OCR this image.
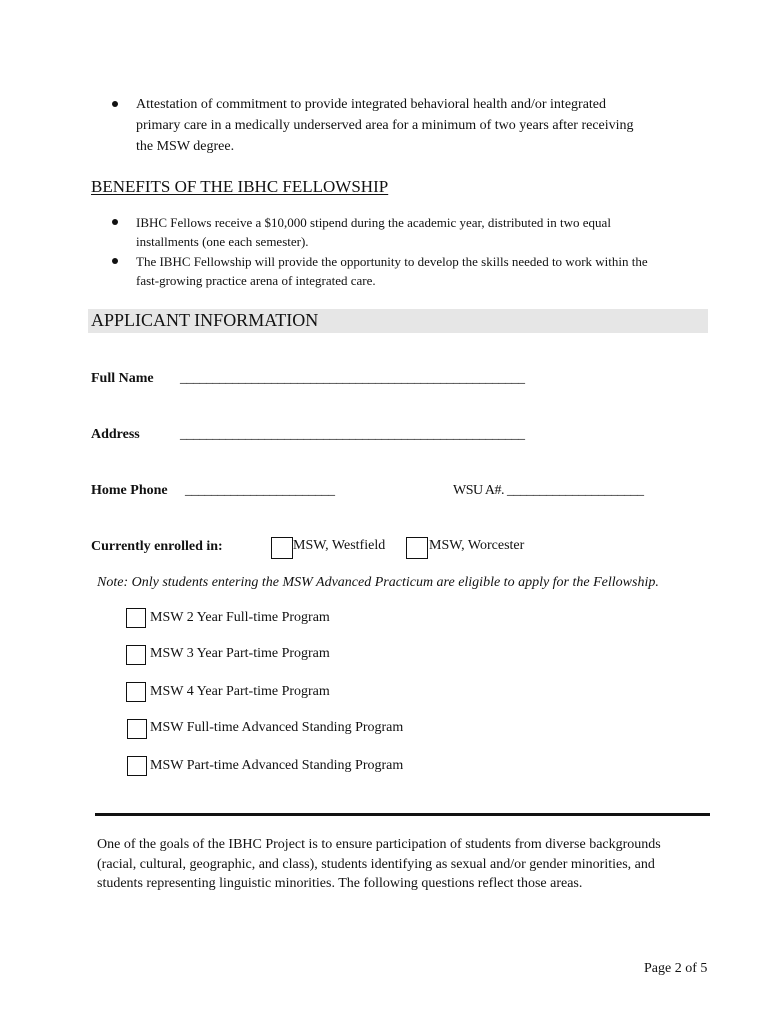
Attestation of commitment to provide integrated behavioral health and/or integrated
primary care in a medically underserved area for a minimum of two years after receiving
the MSW degree.
BENEFITS OF THE IBHC FELLOWSHIP
IBHC Fellows receive a $10,000 stipend during the academic year, distributed in two equal
installments (one each semester).
The IBHC Fellowship will provide the opportunity to develop the skills needed to work within the
fast-growing practice arena of integrated care.
APPLICANT INFORMATION
Full Name _____________________________________________________
Address	_____________________________________________________
Home Phone _______________________	WSU A#. _____________________
Currently enrolled in:	MSW, Westfield	MSW, Worcester
Note: Only students entering the MSW Advanced Practicum are eligible to apply for the Fellowship.
MSW 2 Year Full-time Program
MSW 3 Year Part-time Program
MSW 4 Year Part-time Program
MSW Full-time Advanced Standing Program
MSW Part-time Advanced Standing Program
One of the goals of the IBHC Project is to ensure participation of students from diverse backgrounds
(racial, cultural, geographic, and class), students identifying as sexual and/or gender minorities, and
students representing linguistic minorities. The following questions reflect those areas.
Page 2 of 5
